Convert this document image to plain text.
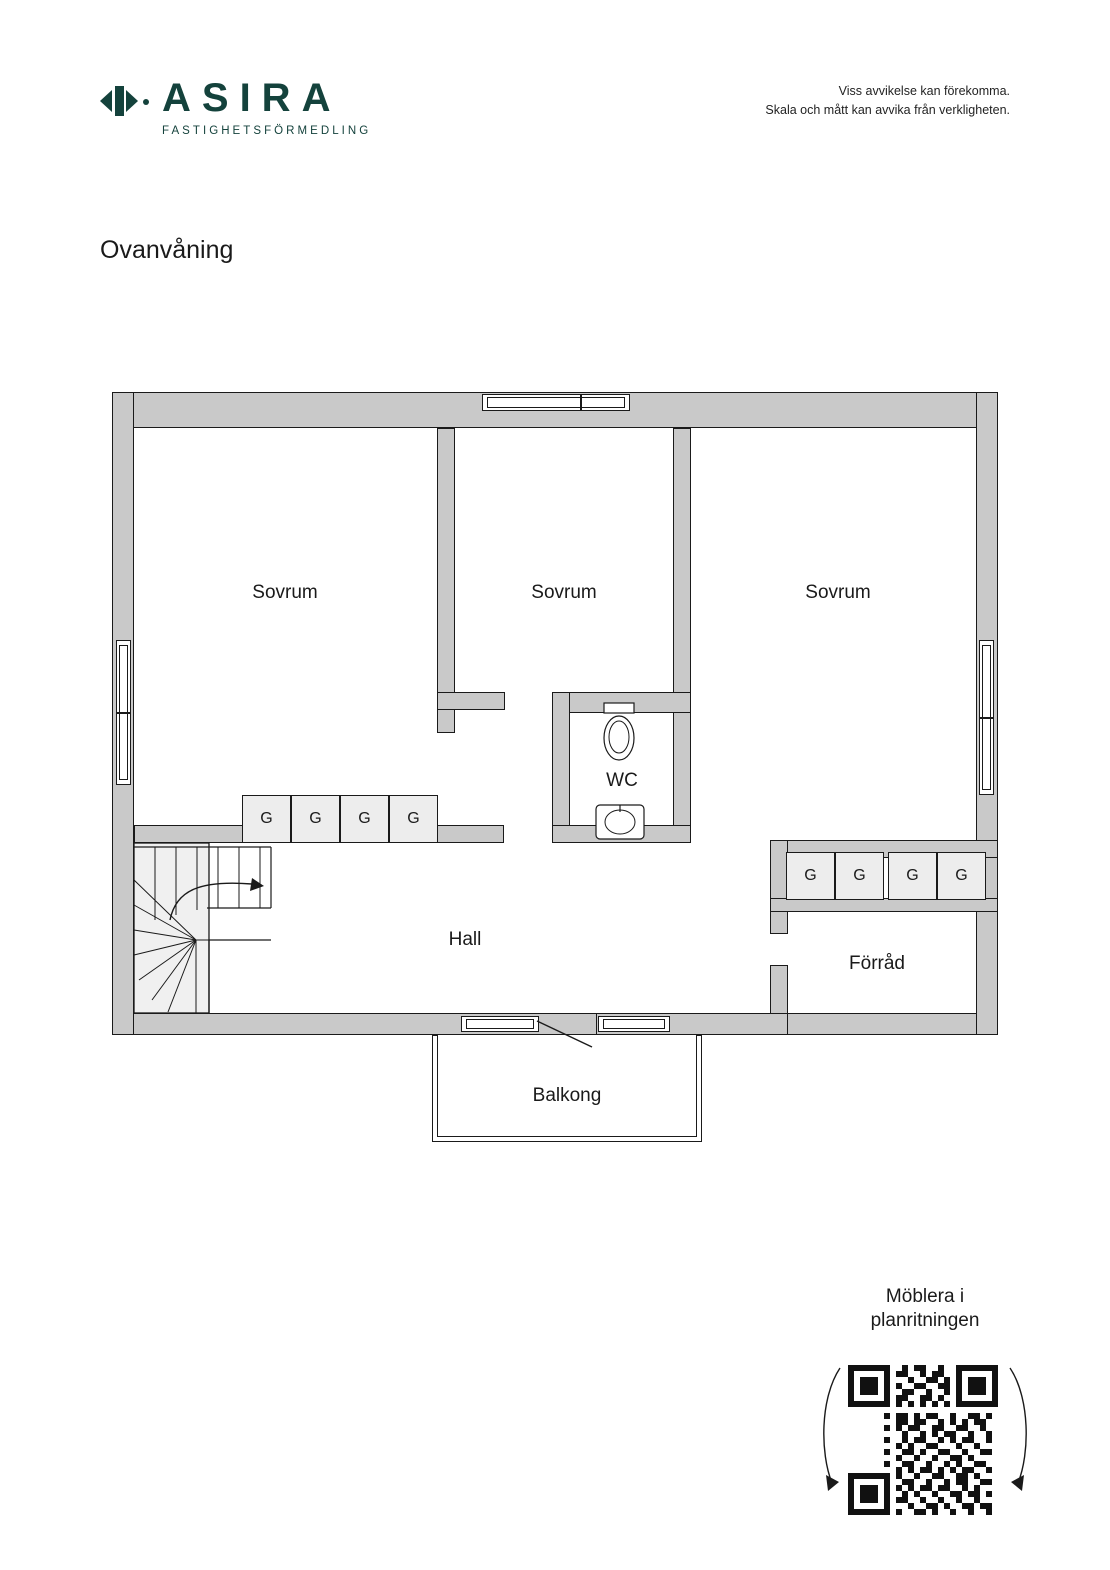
ASIRA
FASTIGHETSFÖRMEDLING
Viss avvikelse kan förekomma.
Skala och mått kan avvika från verkligheten.
Ovanvåning
G G G G
G G	G G
Sovrum	Sovrum	Sovrum
WC
Hall
Förråd
Balkong
Möblera i
planritningen
